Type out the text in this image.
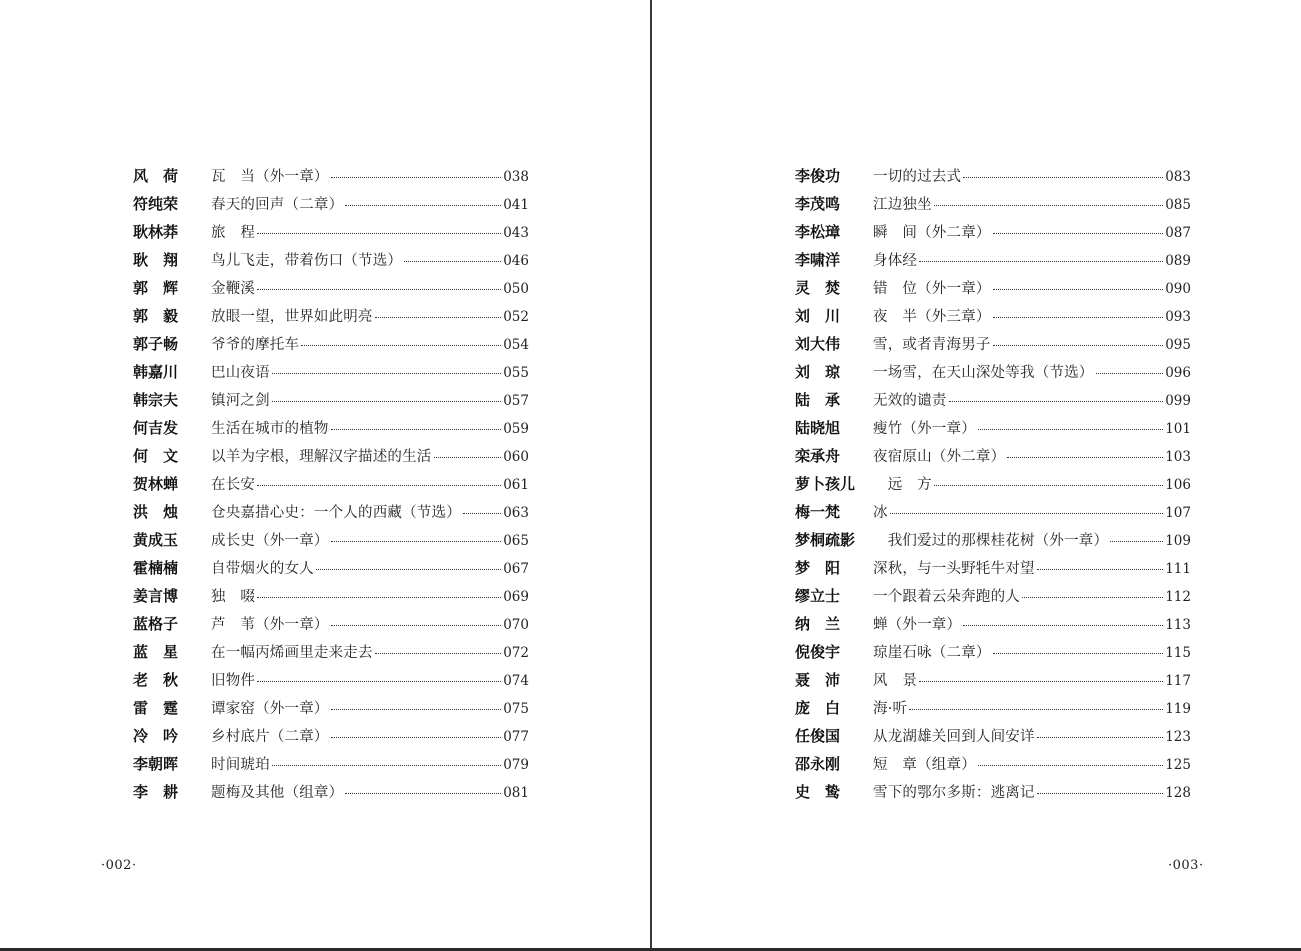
风　荷	瓦　当（外一章）	038
符纯荣	春天的回声（二章）	041
耿林莽	旅　程	043
耿　翔	鸟儿飞走，带着伤口（节选）	046
郭　辉	金鞭溪	050
郭　毅	放眼一望，世界如此明亮	052
郭子畅	爷爷的摩托车	054
韩嘉川	巴山夜语	055
韩宗夫	镇河之剑	057
何吉发	生活在城市的植物	059
何　文	以羊为字根，理解汉字描述的生活	060
贺林蝉	在长安	061
洪　烛	仓央嘉措心史：一个人的西藏（节选）	063
黄成玉	成长史（外一章）	065
霍楠楠	自带烟火的女人	067
姜言博	独　啜	069
蓝格子	芦　苇（外一章）	070
蓝　星	在一幅丙烯画里走来走去	072
老　秋	旧物件	074
雷　霆	谭家窑（外一章）	075
冷　吟	乡村底片（二章）	077
李朝晖	时间琥珀	079
李　耕	题梅及其他（组章）	081
·002·
李俊功	一切的过去式	083
李茂鸣	江边独坐	085
李松璋	瞬　间（外二章）	087
李啸洋	身体经	089
灵　焚	错　位（外一章）	090
刘　川	夜　半（外三章）	093
刘大伟	雪，或者青海男子	095
刘　琼	一场雪，在天山深处等我（节选）	096
陆　承	无效的谴责	099
陆晓旭	瘦竹（外一章）	101
栾承舟	夜宿原山（外二章）	103
萝卜孩儿	　远　方	106
梅一梵	冰	107
梦桐疏影	　我们爱过的那棵桂花树（外一章）	109
梦　阳	深秋，与一头野牦牛对望	111
缪立士	一个跟着云朵奔跑的人	112
纳　兰	蝉（外一章）	113
倪俊宇	琼崖石咏（二章）	115
聂　沛	风　景	117
庞　白	海·听	119
任俊国	从龙湖雄关回到人间安详	123
邵永刚	短　章（组章）	125
史　鸷	雪下的鄂尔多斯：逃离记	128
·003·
